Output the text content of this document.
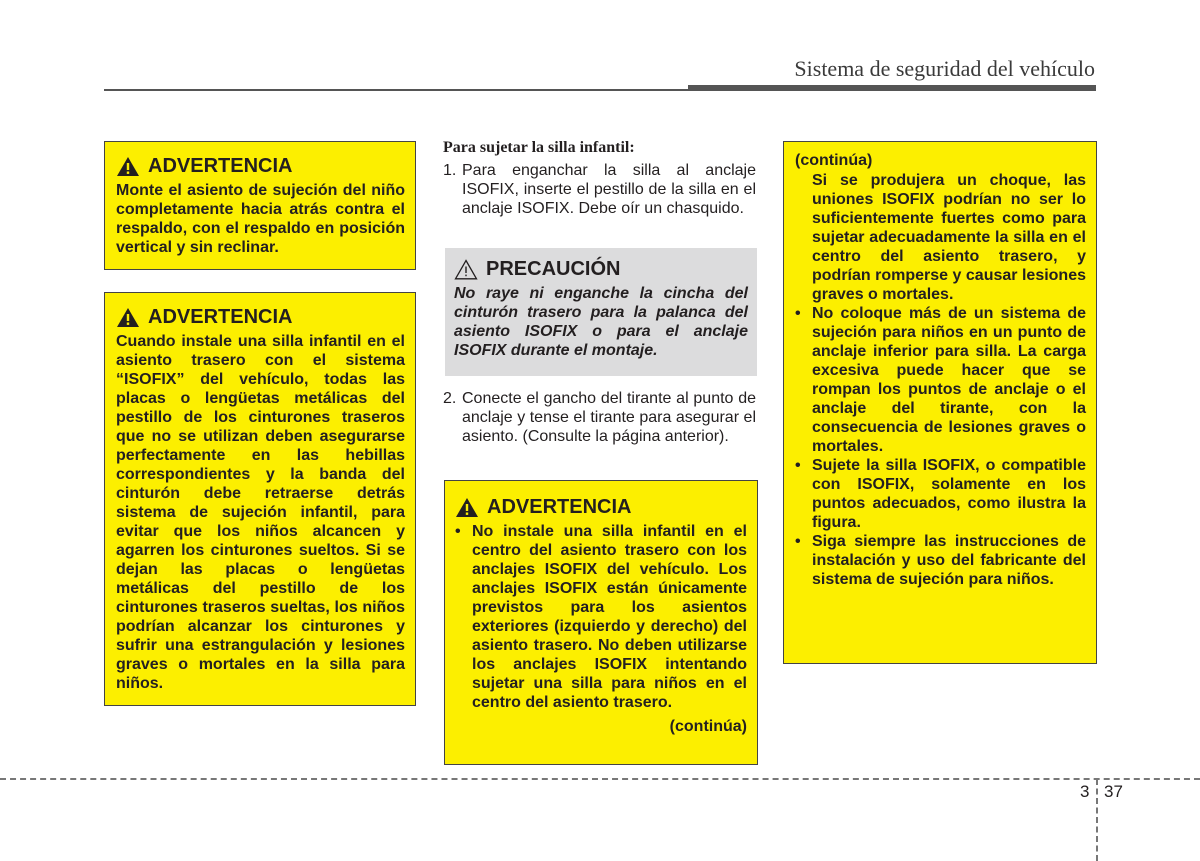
Sistema de seguridad del vehículo
ADVERTENCIA
Monte el asiento de sujeción del niño completamente hacia atrás contra el respaldo, con el respaldo en posición vertical y sin reclinar.
ADVERTENCIA
Cuando instale una silla infantil en el asiento trasero con el sistema “ISOFIX” del vehículo, todas las placas o lengüetas metálicas del pestillo de los cinturones traseros que no se utilizan deben asegurarse perfectamente en las hebillas correspondientes y la banda del cinturón debe retraerse detrás sistema de sujeción infantil, para evitar que los niños alcancen y agarren los cinturones sueltos. Si se dejan las placas o lengüetas metálicas del pestillo de los cinturones traseros sueltas, los niños podrían alcanzar los cinturones y sufrir una estrangulación y lesiones graves o mortales en la silla para niños.
Para sujetar la silla infantil:
1. Para enganchar la silla al anclaje ISOFIX, inserte el pestillo de la silla en el anclaje ISOFIX. Debe oír un chasquido.
PRECAUCIÓN
No raye ni enganche la cincha del cinturón trasero para la palanca del asiento ISOFIX o para el anclaje ISOFIX durante el montaje.
2. Conecte el gancho del tirante al punto de anclaje y tense el tirante para asegurar el asiento. (Consulte la página anterior).
ADVERTENCIA
• No instale una silla infantil en el centro del asiento trasero con los anclajes ISOFIX del vehículo. Los anclajes ISOFIX están únicamente previstos para los asientos exteriores (izquierdo y derecho) del asiento trasero. No deben utilizarse los anclajes ISOFIX intentando sujetar una silla para niños en el centro del asiento trasero.
(continúa)
(continúa)
Si se produjera un choque, las uniones ISOFIX podrían no ser lo suficientemente fuertes como para sujetar adecuadamente la silla en el centro del asiento trasero, y podrían romperse y causar lesiones graves o mortales.
• No coloque más de un sistema de sujeción para niños en un punto de anclaje inferior para silla. La carga excesiva puede hacer que se rompan los puntos de anclaje o el anclaje del tirante, con la consecuencia de lesiones graves o mortales.
• Sujete la silla ISOFIX, o compatible con ISOFIX, solamente en los puntos adecuados, como ilustra la figura.
• Siga siempre las instrucciones de instalación y uso del fabricante del sistema de sujeción para niños.
3 37
